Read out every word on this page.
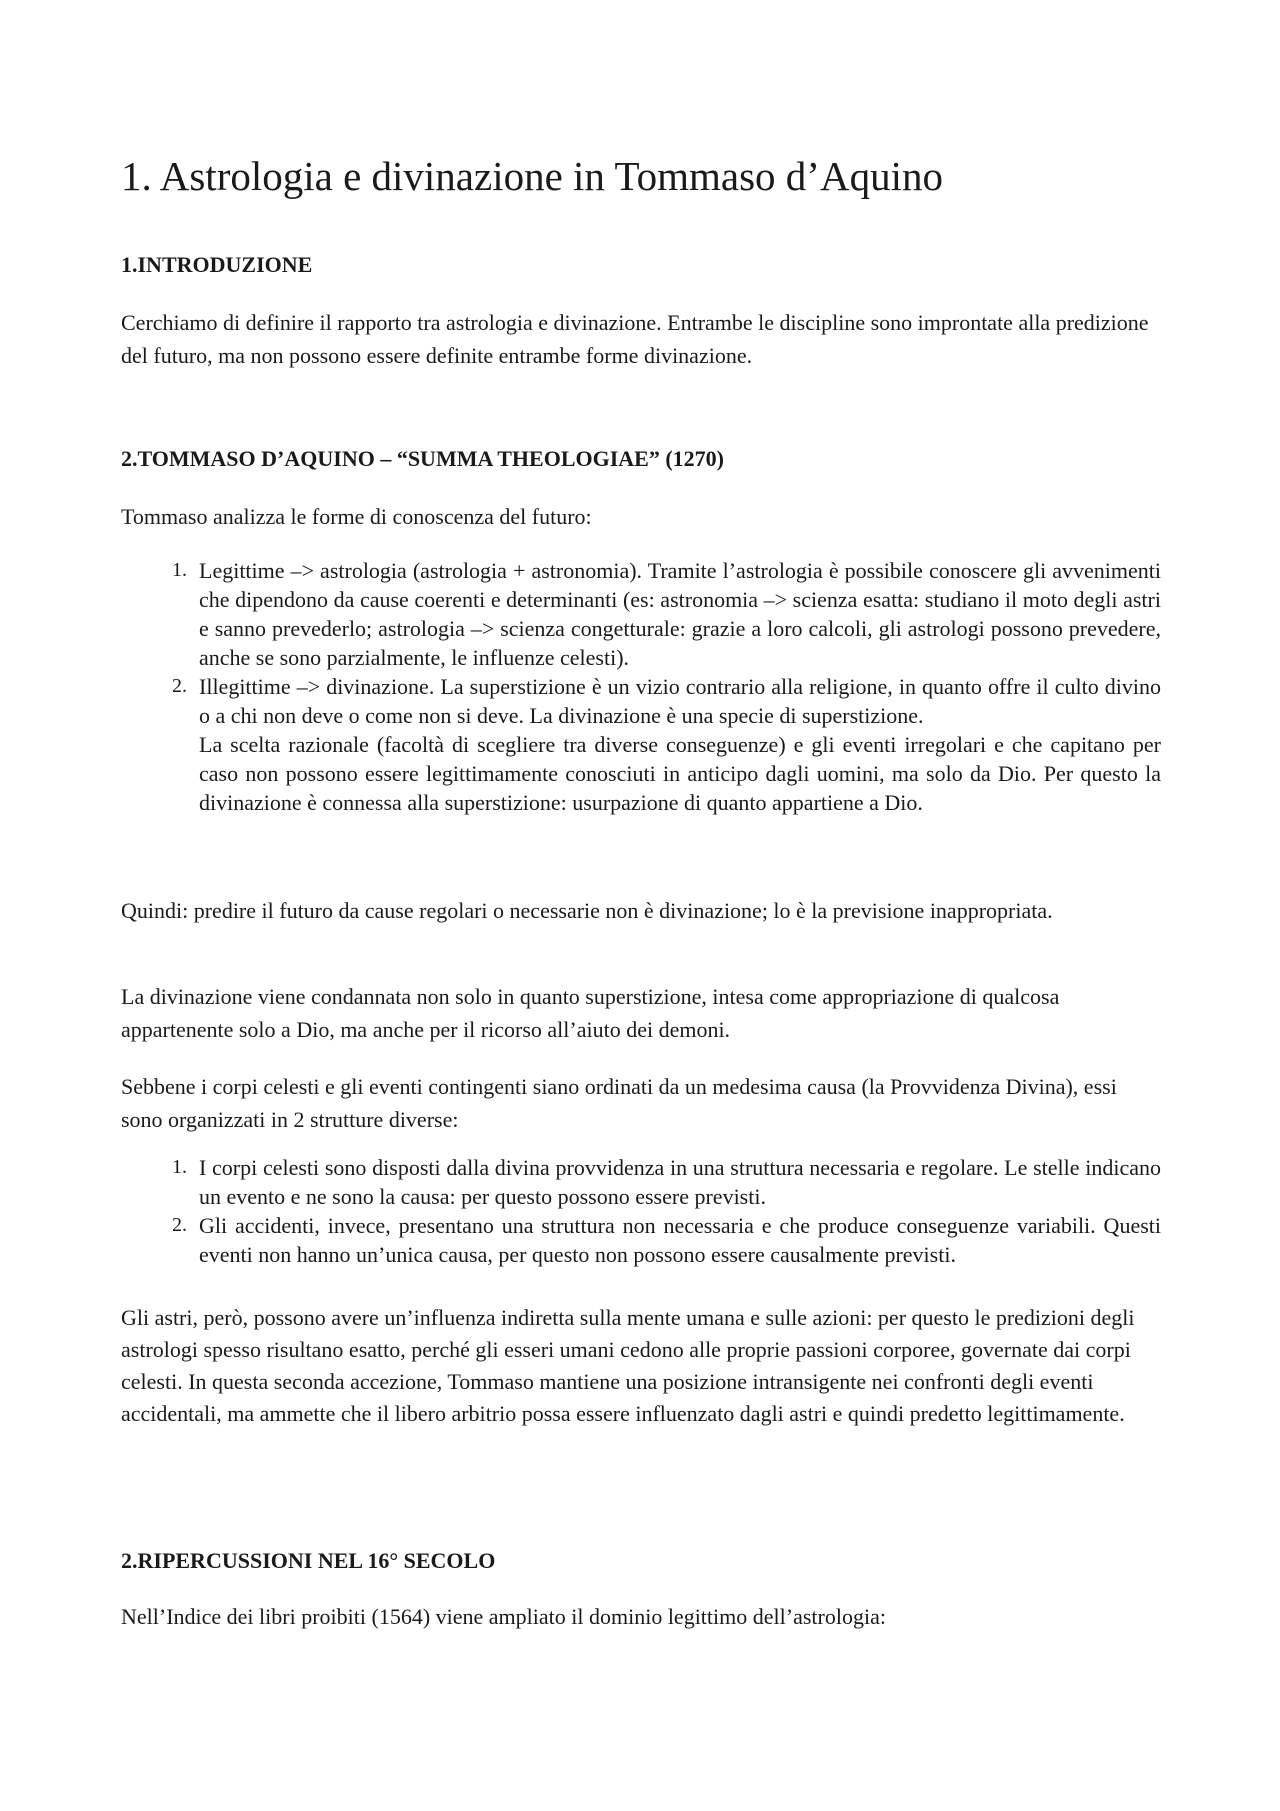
1. Astrologia e divinazione in Tommaso d’Aquino
1.INTRODUZIONE
Cerchiamo di definire il rapporto tra astrologia e divinazione. Entrambe le discipline sono improntate alla predizione del futuro, ma non possono essere definite entrambe forme divinazione.
2.TOMMASO D’AQUINO – “SUMMA THEOLOGIAE” (1270)
Tommaso analizza le forme di conoscenza del futuro:
1. Legittime –> astrologia (astrologia + astronomia). Tramite l’astrologia è possibile conoscere gli avvenimenti che dipendono da cause coerenti e determinanti (es: astronomia –> scienza esatta: studiano il moto degli astri e sanno prevederlo; astrologia –> scienza congetturale: grazie a loro calcoli, gli astrologi possono prevedere, anche se sono parzialmente, le influenze celesti).
2. Illegittime –> divinazione. La superstizione è un vizio contrario alla religione, in quanto offre il culto divino o a chi non deve o come non si deve. La divinazione è una specie di superstizione.
La scelta razionale (facoltà di scegliere tra diverse conseguenze) e gli eventi irregolari e che capitano per caso non possono essere legittimamente conosciuti in anticipo dagli uomini, ma solo da Dio. Per questo la divinazione è connessa alla superstizione: usurpazione di quanto appartiene a Dio.
Quindi: predire il futuro da cause regolari o necessarie non è divinazione; lo è la previsione inappropriata.
La divinazione viene condannata non solo in quanto superstizione, intesa come appropriazione di qualcosa appartenente solo a Dio, ma anche per il ricorso all’aiuto dei demoni.
Sebbene i corpi celesti e gli eventi contingenti siano ordinati da un medesima causa (la Provvidenza Divina), essi sono organizzati in 2 strutture diverse:
1. I corpi celesti sono disposti dalla divina provvidenza in una struttura necessaria e regolare. Le stelle indicano un evento e ne sono la causa: per questo possono essere previsti.
2. Gli accidenti, invece, presentano una struttura non necessaria e che produce conseguenze variabili. Questi eventi non hanno un’unica causa, per questo non possono essere causalmente previsti.
Gli astri, però, possono avere un’influenza indiretta sulla mente umana e sulle azioni: per questo le predizioni degli astrologi spesso risultano esatto, perché gli esseri umani cedono alle proprie passioni corporee, governate dai corpi celesti. In questa seconda accezione, Tommaso mantiene una posizione intransigente nei confronti degli eventi accidentali, ma ammette che il libero arbitrio possa essere influenzato dagli astri e quindi predetto legittimamente.
2.RIPERCUSSIONI NEL 16° SECOLO
Nell’Indice dei libri proibiti (1564) viene ampliato il dominio legittimo dell’astrologia:
